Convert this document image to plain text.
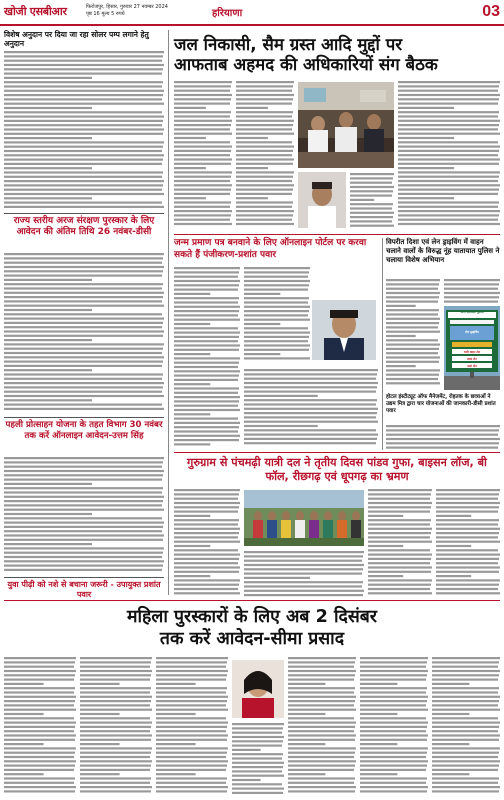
खोजी एसबीआर	फिरोजपुर, हिसार, गुरुवार 27 नवम्बर 2024
पृष्ठ 16 मूल्य 5 रुपये	हरियाणा	03
विशेष अनुदान पर दिया जा रहा सोलर पम्प लगाने हेतु अनुदान
राज्य स्तरीय अरज संरक्षण पुरस्कार के लिए आवेदन की अंतिम तिथि 26 नवंबर-डीसी
पहली प्रोत्साहन योजना के तहत विभाग 30 नवंबर तक करें ऑनलाइन आवेदन-उत्तम सिंह
युवा पीढ़ी को नशे से बचाना जरूरी - उपायुक्त प्रशांत पवार
जल निकासी, सैम ग्रस्त आदि मुद्दों पर
आफताब अहमद की अधिकारियों संग बैठक
जन्म प्रमाण पत्र बनवाने के लिए ऑनलाइन पोर्टल पर करवा सकते हैं पंजीकरण-प्रशांत पवार
विपरीत दिशा एवं लेन ड्राइविंग में वाहन चलाने वालों के विरुद्ध नूंह यातायात पुलिस ने चलाया विशेष अभियान
थाना यातायात पुलिस
लेन ड्राइविंग
भारी वाहन लेन
बायां लेन
दायां लेन
होटल इंस्टीट्यूट ऑफ मैनेजमेंट, रोहतक के छात्राओं ने उद्यम मित्र द्वारा चार योजनाओं की जानकारी-डीसी प्रशांत पवार
गुरुग्राम से पंचमढ़ी यात्री दल ने तृतीय दिवस पांडव गुफा, बाइसन लॉज, बी फॉल, रीछगढ़ एवं धूपगढ़ का भ्रमण
महिला पुरस्कारों के लिए अब 2 दिसंबर
तक करें आवेदन-सीमा प्रसाद
